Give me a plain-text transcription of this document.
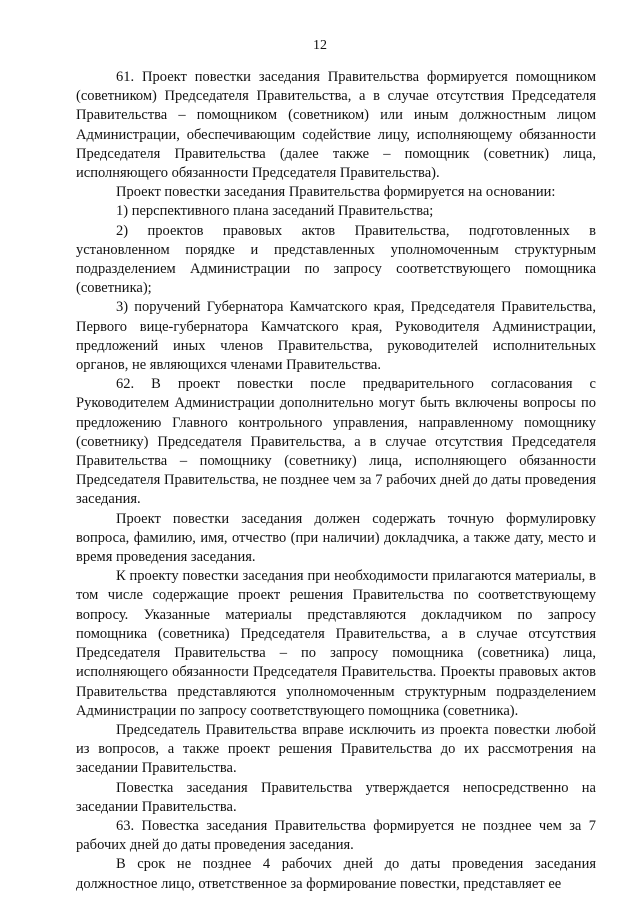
12

61. Проект повестки заседания Правительства формируется помощником (советником) Председателя Правительства, а в случае отсутствия Председателя Правительства – помощником (советником) или иным должностным лицом Администрации, обеспечивающим содействие лицу, исполняющему обязанности Председателя Правительства (далее также – помощник (советник) лица, исполняющего обязанности Председателя Правительства).

Проект повестки заседания Правительства формируется на основании:

1) перспективного плана заседаний Правительства;

2) проектов правовых актов Правительства, подготовленных в установленном порядке и представленных уполномоченным структурным подразделением Администрации по запросу соответствующего помощника (советника);

3) поручений Губернатора Камчатского края, Председателя Правительства, Первого вице-губернатора Камчатского края, Руководителя Администрации, предложений иных членов Правительства, руководителей исполнительных органов, не являющихся членами Правительства.

62. В проект повестки после предварительного согласования с Руководителем Администрации дополнительно могут быть включены вопросы по предложению Главного контрольного управления, направленному помощнику (советнику) Председателя Правительства, а в случае отсутствия Председателя Правительства – помощнику (советнику) лица, исполняющего обязанности Председателя Правительства, не позднее чем за 7 рабочих дней до даты проведения заседания.

Проект повестки заседания должен содержать точную формулировку вопроса, фамилию, имя, отчество (при наличии) докладчика, а также дату, место и время проведения заседания.

К проекту повестки заседания при необходимости прилагаются материалы, в том числе содержащие проект решения Правительства по соответствующему вопросу. Указанные материалы представляются докладчиком по запросу помощника (советника) Председателя Правительства, а в случае отсутствия Председателя Правительства – по запросу помощника (советника) лица, исполняющего обязанности Председателя Правительства. Проекты правовых актов Правительства представляются уполномоченным структурным подразделением Администрации по запросу соответствующего помощника (советника).

Председатель Правительства вправе исключить из проекта повестки любой из вопросов, а также проект решения Правительства до их рассмотрения на заседании Правительства.

Повестка заседания Правительства утверждается непосредственно на заседании Правительства.

63. Повестка заседания Правительства формируется не позднее чем за 7 рабочих дней до даты проведения заседания.

В срок не позднее 4 рабочих дней до даты проведения заседания должностное лицо, ответственное за формирование повестки, представляет ее
